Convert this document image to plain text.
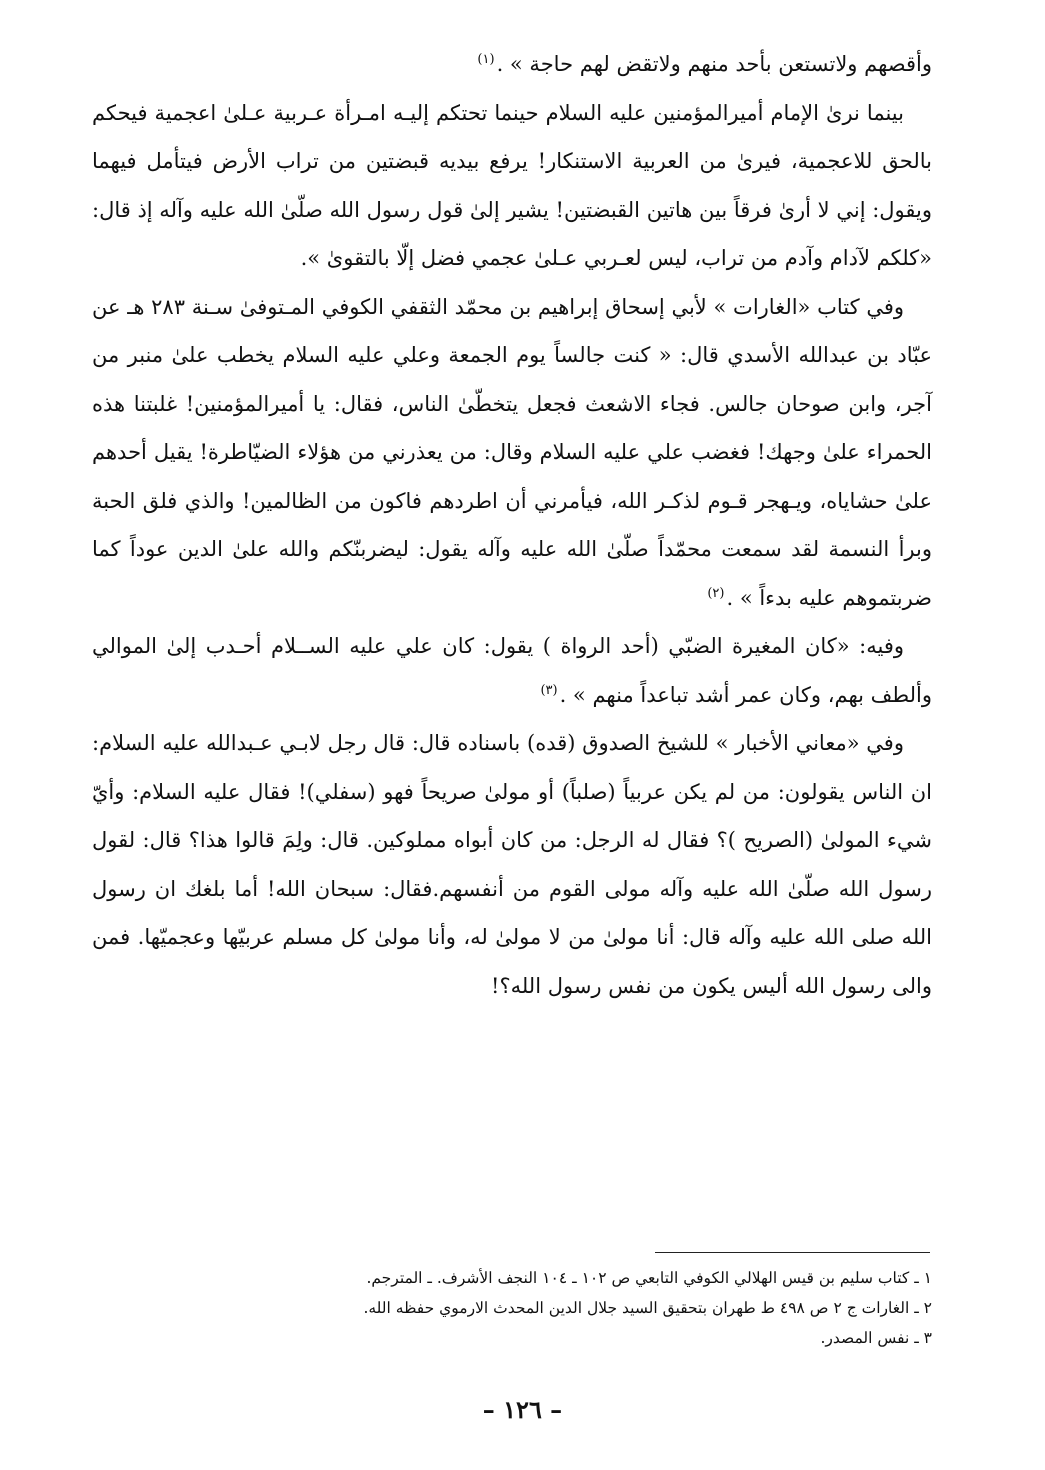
وأقصهم ولاتستعن بأحد منهم ولاتقض لهم حاجة » .$^{(١)}$

بينما نرىٰ الإمام أميرالمؤمنين عليه السلام حينما تحتكم إليـه امـرأة عـربية عـلىٰ اعجمية فيحكم بالحق للاعجمية، فيرىٰ من العربية الاستنكار! يرفع بيديه قبضتين من تراب الأرض فيتأمل فيهما ويقول: إني لا أرىٰ فرقاً بين هاتين القبضتين! يشير إلىٰ قول رسول الله صلّىٰ الله عليه وآله إذ قال: «كلكم لآدام وآدم من تراب، ليس لعـربي عـلىٰ عجمي فضل إلّا بالتقوىٰ ».

وفي كتاب «الغارات » لأبي إسحاق إبراهيم بن محمّد الثقفي الكوفي المـتوفىٰ سـنة ٢٨٣ هـ عن عبّاد بن عبدالله الأسدي قال: « كنت جالساً يوم الجمعة وعلي عليه السلام يخطب علىٰ منبر من آجر، وابن صوحان جالس. فجاء الاشعث فجعل يتخطّىٰ الناس، فقال: يا أميرالمؤمنين! غلبتنا هذه الحمراء علىٰ وجهك! فغضب علي عليه السلام وقال: من يعذرني من هؤلاء الضيّاطرة! يقيل أحدهم علىٰ حشاياه، ويـهجر قـوم لذكـر الله، فيأمرني أن اطردهم فاكون من الظالمين! والذي فلق الحبة وبرأ النسمة لقد سمعت محمّداً صلّىٰ الله عليه وآله يقول: ليضربنّكم والله علىٰ الدين عوداً كما ضربتموهم عليه بدءاً » .$^{(٢)}$

وفيه: «كان المغيرة الضبّي (أحد الرواة ) يقول: كان علي عليه الســلام أحـدب إلىٰ الموالي وألطف بهم، وكان عمر أشد تباعداً منهم » .$^{(٣)}$

وفي «معاني الأخبار » للشيخ الصدوق (قده) باسناده قال: قال رجل لابـي عـبدالله عليه السلام: ان الناس يقولون: من لم يكن عربياً (صلباً) أو مولىٰ صريحاً فهو (سفلي)! فقال عليه السلام: وأيّ شيء المولىٰ (الصريح )؟ فقال له الرجل: من كان أبواه مملوكين. قال: ولِمَ قالوا هذا؟ قال: لقول رسول الله صلّىٰ الله عليه وآله مولى القوم من أنفسهم.فقال: سبحان الله! أما بلغك ان رسول الله صلى الله عليه وآله قال: أنا مولىٰ من لا مولىٰ له، وأنا مولىٰ كل مسلم عربيّها وعجميّها. فمن والى رسول الله أليس يكون من نفس رسول الله؟!

١ ـ كتاب سليم بن قيس الهلالي الكوفي التابعي ص ١٠٢ ـ ١٠٤ النجف الأشرف. ـ المترجم.

٢ ـ الغارات ج ٢ ص ٤٩٨ ط طهران بتحقيق السيد جلال الدين المحدث الارموي حفظه الله.

٣ ـ نفس المصدر.

– ١٢٦ –
